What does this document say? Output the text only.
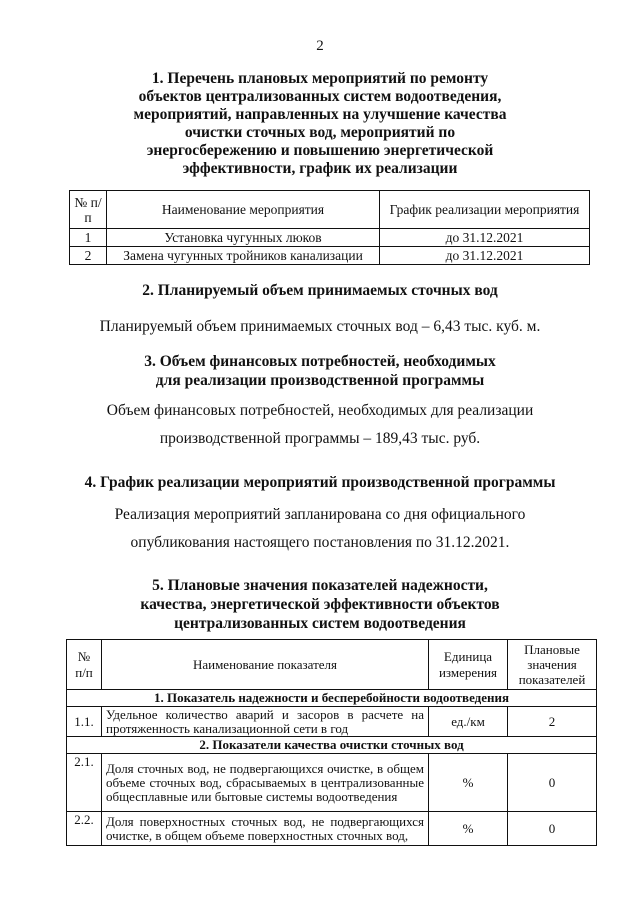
2
1. Перечень плановых мероприятий по ремонту
объектов централизованных систем водоотведения,
мероприятий, направленных на улучшение качества
очистки сточных вод, мероприятий по
энергосбережению и повышению энергетической
эффективности, график их реализации
№ п/п	Наименование мероприятия	График реализации мероприятия
1	Установка чугунных люков	до 31.12.2021
2	Замена чугунных тройников канализации	до 31.12.2021
2. Планируемый объем принимаемых сточных вод
Планируемый объем принимаемых сточных вод – 6,43 тыс. куб. м.
3. Объем финансовых потребностей, необходимых
для реализации производственной программы
Объем финансовых потребностей, необходимых для реализации
производственной программы – 189,43 тыс. руб.
4. График реализации мероприятий производственной программы
Реализация мероприятий запланирована со дня официального
опубликования настоящего постановления по 31.12.2021.
5. Плановые значения показателей надежности,
качества, энергетической эффективности объектов
централизованных систем водоотведения
№ п/п	Наименование показателя	Единица измерения	Плановые значения показателей
1. Показатель надежности и бесперебойности водоотведения			
1.1.	Удельное количество аварий и засоров в расчете на протяженность канализационной сети в год	ед./км	2
2. Показатели качества очистки сточных вод			
2.1.	Доля сточных вод, не подвергающихся очистке, в общем объеме сточных вод, сбрасываемых в централизованные общесплавные или бытовые системы водоотведения	%	0
2.2.	Доля поверхностных сточных вод, не подвергающихся очистке, в общем объеме поверхностных сточных вод,	%	0
